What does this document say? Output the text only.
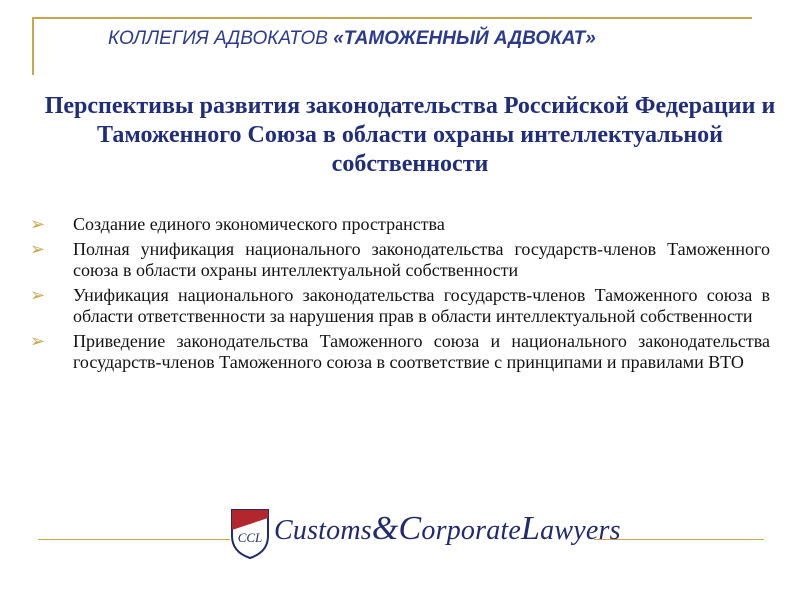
КОЛЛЕГИЯ АДВОКАТОВ «ТАМОЖЕННЫЙ АДВОКАТ»
Перспективы развития законодательства Российской Федерации и Таможенного Союза в области охраны интеллектуальной собственности
➢ Создание единого экономического пространства
➢ Полная унификация национального законодательства государств-членов Таможенного союза в области охраны интеллектуальной собственности
➢ Унификация национального законодательства государств-членов Таможенного союза в области ответственности за нарушения прав в области интеллектуальной собственности
➢ Приведение законодательства Таможенного союза и национального законодательства государств-членов Таможенного союза в соответствие с принципами и правилами ВТО
CCL Customs&CorporateLawyers
